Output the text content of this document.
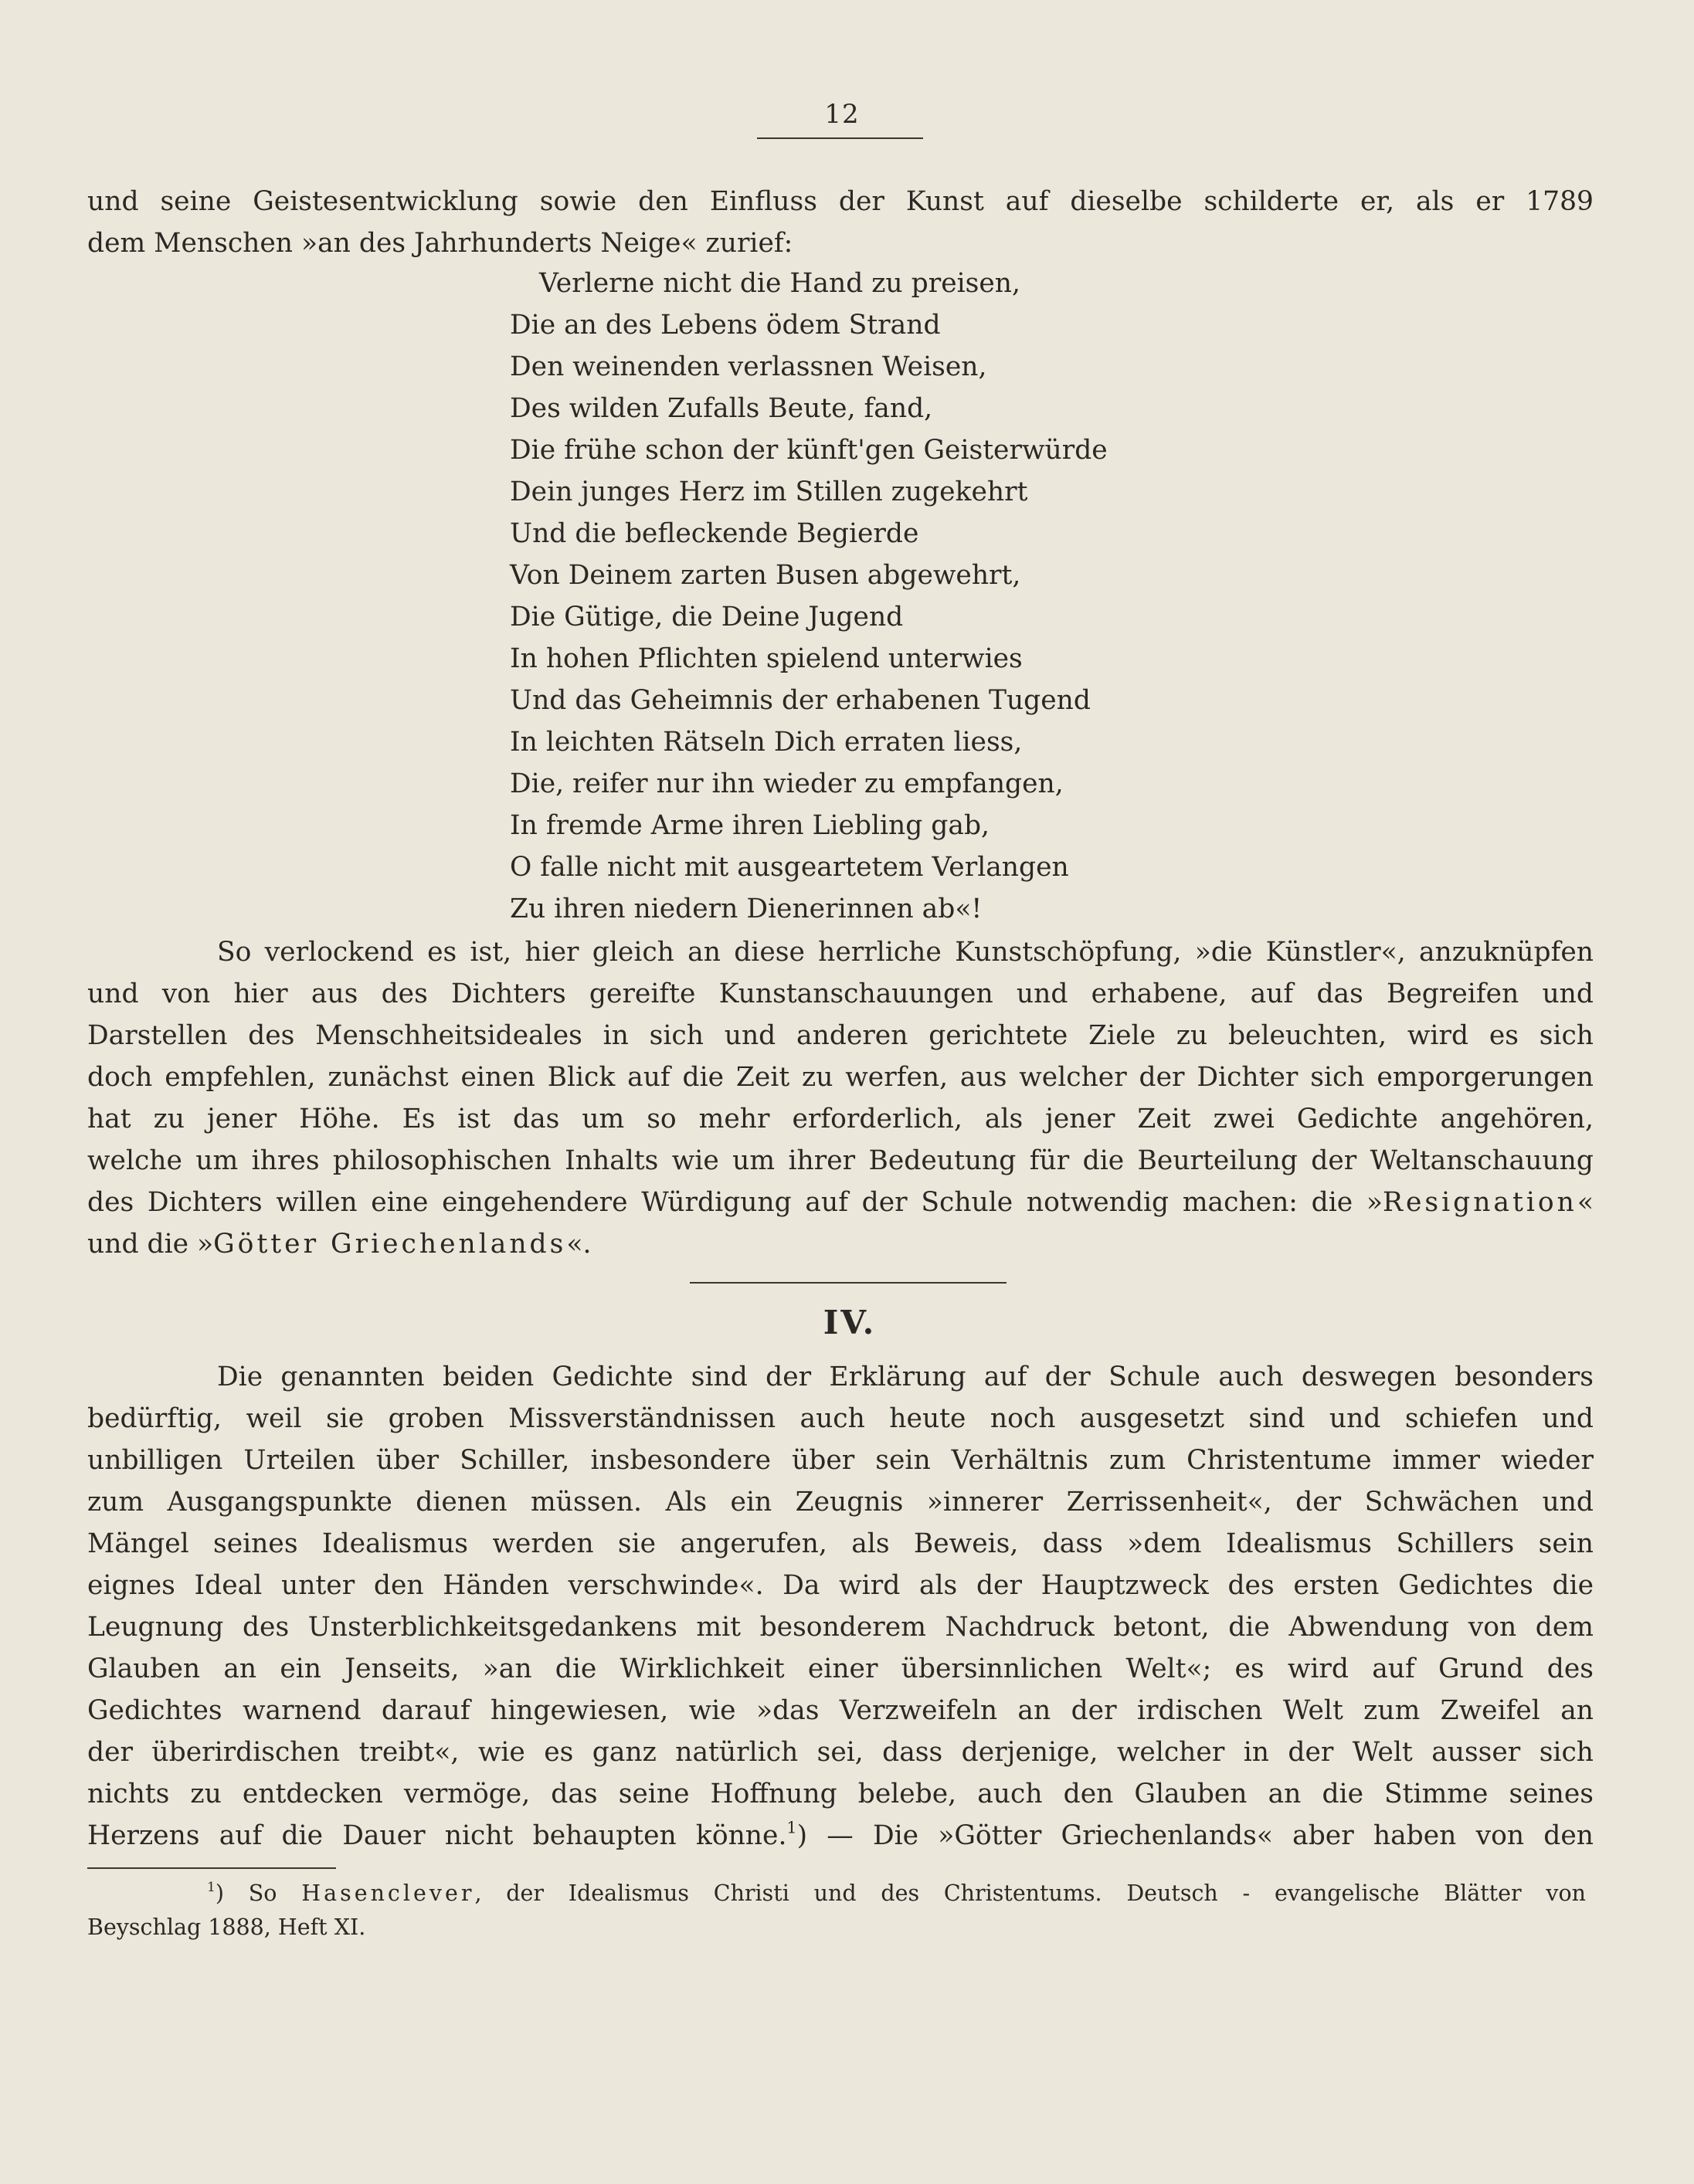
12
und seine Geistesentwicklung sowie den Einfluss der Kunst auf dieselbe schilderte er, als er 1789
dem Menschen »an des Jahrhunderts Neige« zurief:
Verlerne nicht die Hand zu preisen,
Die an des Lebens ödem Strand
Den weinenden verlassnen Weisen,
Des wilden Zufalls Beute, fand,
Die frühe schon der künft'gen Geisterwürde
Dein junges Herz im Stillen zugekehrt
Und die befleckende Begierde
Von Deinem zarten Busen abgewehrt,
Die Gütige, die Deine Jugend
In hohen Pflichten spielend unterwies
Und das Geheimnis der erhabenen Tugend
In leichten Rätseln Dich erraten liess,
Die, reifer nur ihn wieder zu empfangen,
In fremde Arme ihren Liebling gab,
O falle nicht mit ausgeartetem Verlangen
Zu ihren niedern Dienerinnen ab«!
So verlockend es ist, hier gleich an diese herrliche Kunstschöpfung, »die Künstler«, anzuknüpfen
und von hier aus des Dichters gereifte Kunstanschauungen und erhabene, auf das Begreifen und
Darstellen des Menschheitsideales in sich und anderen gerichtete Ziele zu beleuchten, wird es sich
doch empfehlen, zunächst einen Blick auf die Zeit zu werfen, aus welcher der Dichter sich emporgerungen
hat zu jener Höhe. Es ist das um so mehr erforderlich, als jener Zeit zwei Gedichte angehören,
welche um ihres philosophischen Inhalts wie um ihrer Bedeutung für die Beurteilung der Weltanschauung
des Dichters willen eine eingehendere Würdigung auf der Schule notwendig machen: die »Resignation«
und die »Götter Griechenlands«.
IV.
Die genannten beiden Gedichte sind der Erklärung auf der Schule auch deswegen besonders
bedürftig, weil sie groben Missverständnissen auch heute noch ausgesetzt sind und schiefen und
unbilligen Urteilen über Schiller, insbesondere über sein Verhältnis zum Christentume immer wieder
zum Ausgangspunkte dienen müssen. Als ein Zeugnis »innerer Zerrissenheit«, der Schwächen und
Mängel seines Idealismus werden sie angerufen, als Beweis, dass »dem Idealismus Schillers sein
eignes Ideal unter den Händen verschwinde«. Da wird als der Hauptzweck des ersten Gedichtes die
Leugnung des Unsterblichkeitsgedankens mit besonderem Nachdruck betont, die Abwendung von dem
Glauben an ein Jenseits, »an die Wirklichkeit einer übersinnlichen Welt«; es wird auf Grund des
Gedichtes warnend darauf hingewiesen, wie »das Verzweifeln an der irdischen Welt zum Zweifel an
der überirdischen treibt«, wie es ganz natürlich sei, dass derjenige, welcher in der Welt ausser sich
nichts zu entdecken vermöge, das seine Hoffnung belebe, auch den Glauben an die Stimme seines
Herzens auf die Dauer nicht behaupten könne.$^1$) — Die »Götter Griechenlands« aber haben von den
$^1$) So Hasenclever, der Idealismus Christi und des Christentums. Deutsch - evangelische Blätter von
Beyschlag 1888, Heft XI.
